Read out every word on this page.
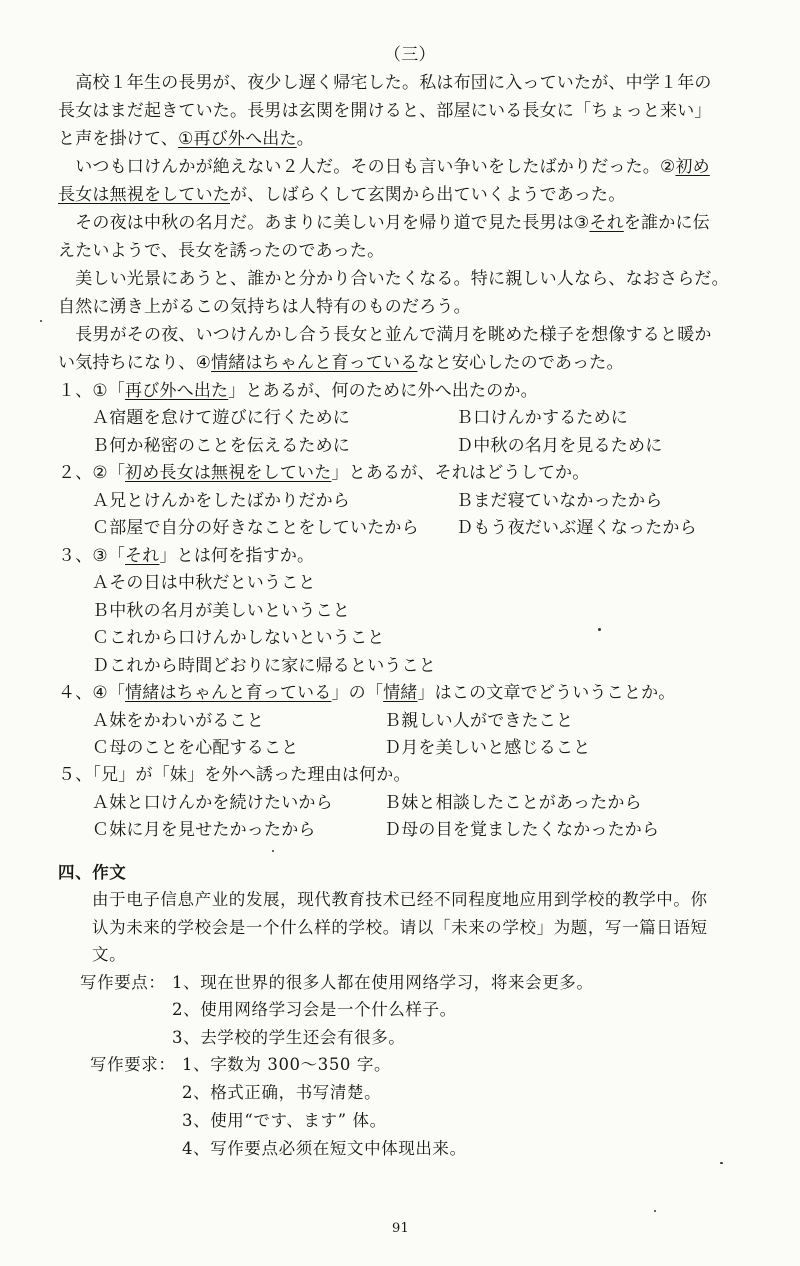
（三）
　高校１年生の長男が、夜少し遅く帰宅した。私は布団に入っていたが、中学１年の
長女はまだ起きていた。長男は玄関を開けると、部屋にいる長女に「ちょっと来い」
と声を掛けて、①再び外へ出た。
　いつも口けんかが絶えない２人だ。その日も言い争いをしたばかりだった。②初め
長女は無視をしていたが、しばらくして玄関から出ていくようであった。
　その夜は中秋の名月だ。あまりに美しい月を帰り道で見た長男は③それを誰かに伝
えたいようで、長女を誘ったのであった。
　美しい光景にあうと、誰かと分かり合いたくなる。特に親しい人なら、なおさらだ。
自然に湧き上がるこの気持ちは人特有のものだろう。
　長男がその夜、いつけんかし合う長女と並んで満月を眺めた様子を想像すると暖か
い気持ちになり、④情緒はちゃんと育っているなと安心したのであった。
１、①「再び外へ出た」とあるが、何のために外へ出たのか。
Ａ宿題を怠けて遊びに行くために	Ｂ口けんかするために
Ｂ何か秘密のことを伝えるために	Ｄ中秋の名月を見るために
２、②「初め長女は無視をしていた」とあるが、それはどうしてか。
Ａ兄とけんかをしたばかりだから	Ｂまだ寝ていなかったから
Ｃ部屋で自分の好きなことをしていたから Ｄもう夜だいぶ遅くなったから
３、③「それ」とは何を指すか。
Ａその日は中秋だということ
Ｂ中秋の名月が美しいということ
Ｃこれから口けんかしないということ
Ｄこれから時間どおりに家に帰るということ
４、④「情緒はちゃんと育っている」の「情緒」はこの文章でどういうことか。
Ａ妹をかわいがること	Ｂ親しい人ができたこと
Ｃ母のことを心配すること	Ｄ月を美しいと感じること
５、「兄」が「妹」を外へ誘った理由は何か。
Ａ妹と口けんかを続けたいから	Ｂ妹と相談したことがあったから
Ｃ妹に月を見せたかったから	Ｄ母の目を覚ましたくなかったから
四、作文
由于电子信息产业的发展，现代教育技术已经不同程度地应用到学校的教学中。你
认为未来的学校会是一个什么样的学校。请以「未来の学校」为题，写一篇日语短
文。
写作要点： 1、现在世界的很多人都在使用网络学习，将来会更多。
2、使用网络学习会是一个什么样子。
3、去学校的学生还会有很多。
写作要求： 1、字数为 300～350 字。
2、格式正确，书写清楚。
3、使用“です、ます” 体。
4、写作要点必须在短文中体现出来。
91
